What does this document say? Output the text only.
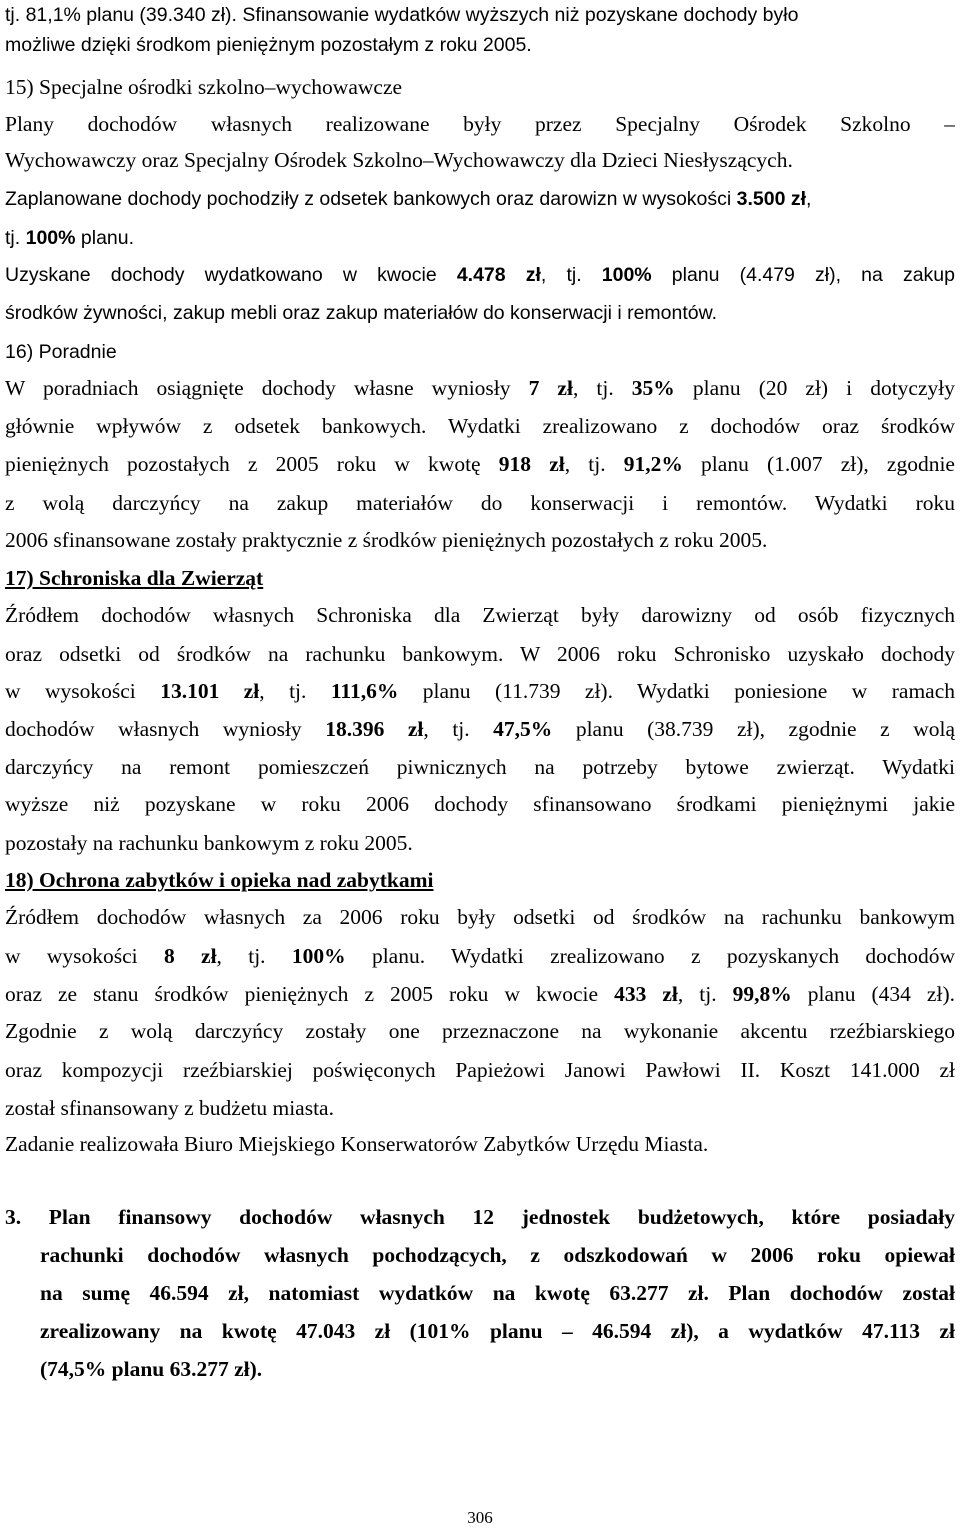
tj. 81,1% planu (39.340 zł). Sfinansowanie wydatków wyższych niż pozyskane dochody było

możliwe dzięki środkom pieniężnym pozostałym z roku 2005.

15) Specjalne ośrodki szkolno–wychowawcze

Plany dochodów własnych realizowane były przez Specjalny Ośrodek Szkolno –

Wychowawczy oraz Specjalny Ośrodek Szkolno–Wychowawczy dla Dzieci Niesłyszących.

Zaplanowane dochody pochodziły z odsetek bankowych oraz darowizn w wysokości 3.500 zł,

tj. 100% planu.

Uzyskane dochody wydatkowano w kwocie 4.478 zł, tj. 100% planu (4.479 zł), na zakup

środków żywności, zakup mebli oraz zakup materiałów do konserwacji i remontów.

16) Poradnie

W poradniach osiągnięte dochody własne wyniosły 7 zł, tj. 35% planu (20 zł) i dotyczyły

głównie wpływów z odsetek bankowych. Wydatki zrealizowano z dochodów oraz środków

pieniężnych pozostałych z 2005 roku w kwotę 918 zł, tj. 91,2% planu (1.007 zł), zgodnie

z wolą darczyńcy na zakup materiałów do konserwacji i remontów. Wydatki roku

2006 sfinansowane zostały praktycznie z środków pieniężnych pozostałych z roku 2005.

17) Schroniska dla Zwierząt

Źródłem dochodów własnych Schroniska dla Zwierząt były darowizny od osób fizycznych

oraz odsetki od środków na rachunku bankowym. W 2006 roku Schronisko uzyskało dochody

w wysokości 13.101 zł, tj. 111,6% planu (11.739 zł). Wydatki poniesione w ramach

dochodów własnych wyniosły 18.396 zł, tj. 47,5% planu (38.739 zł), zgodnie z wolą

darczyńcy na remont pomieszczeń piwnicznych na potrzeby bytowe zwierząt. Wydatki

wyższe niż pozyskane w roku 2006 dochody sfinansowano środkami pieniężnymi jakie

pozostały na rachunku bankowym z roku 2005.

18) Ochrona zabytków i opieka nad zabytkami

Źródłem dochodów własnych za 2006 roku były odsetki od środków na rachunku bankowym

w wysokości 8 zł, tj. 100% planu. Wydatki zrealizowano z pozyskanych dochodów

oraz ze stanu środków pieniężnych z 2005 roku w kwocie 433 zł, tj. 99,8% planu (434 zł).

Zgodnie z wolą darczyńcy zostały one przeznaczone na wykonanie akcentu rzeźbiarskiego

oraz kompozycji rzeźbiarskiej poświęconych Papieżowi Janowi Pawłowi II. Koszt 141.000 zł

został sfinansowany z budżetu miasta.

Zadanie realizowała Biuro Miejskiego Konserwatorów Zabytków Urzędu Miasta.

3. Plan finansowy dochodów własnych 12 jednostek budżetowych, które posiadały

rachunki dochodów własnych pochodzących, z odszkodowań w 2006 roku opiewał

na sumę 46.594 zł, natomiast wydatków na kwotę 63.277 zł. Plan dochodów został

zrealizowany na kwotę 47.043 zł (101% planu – 46.594 zł), a wydatków 47.113 zł

(74,5% planu 63.277 zł).

306
